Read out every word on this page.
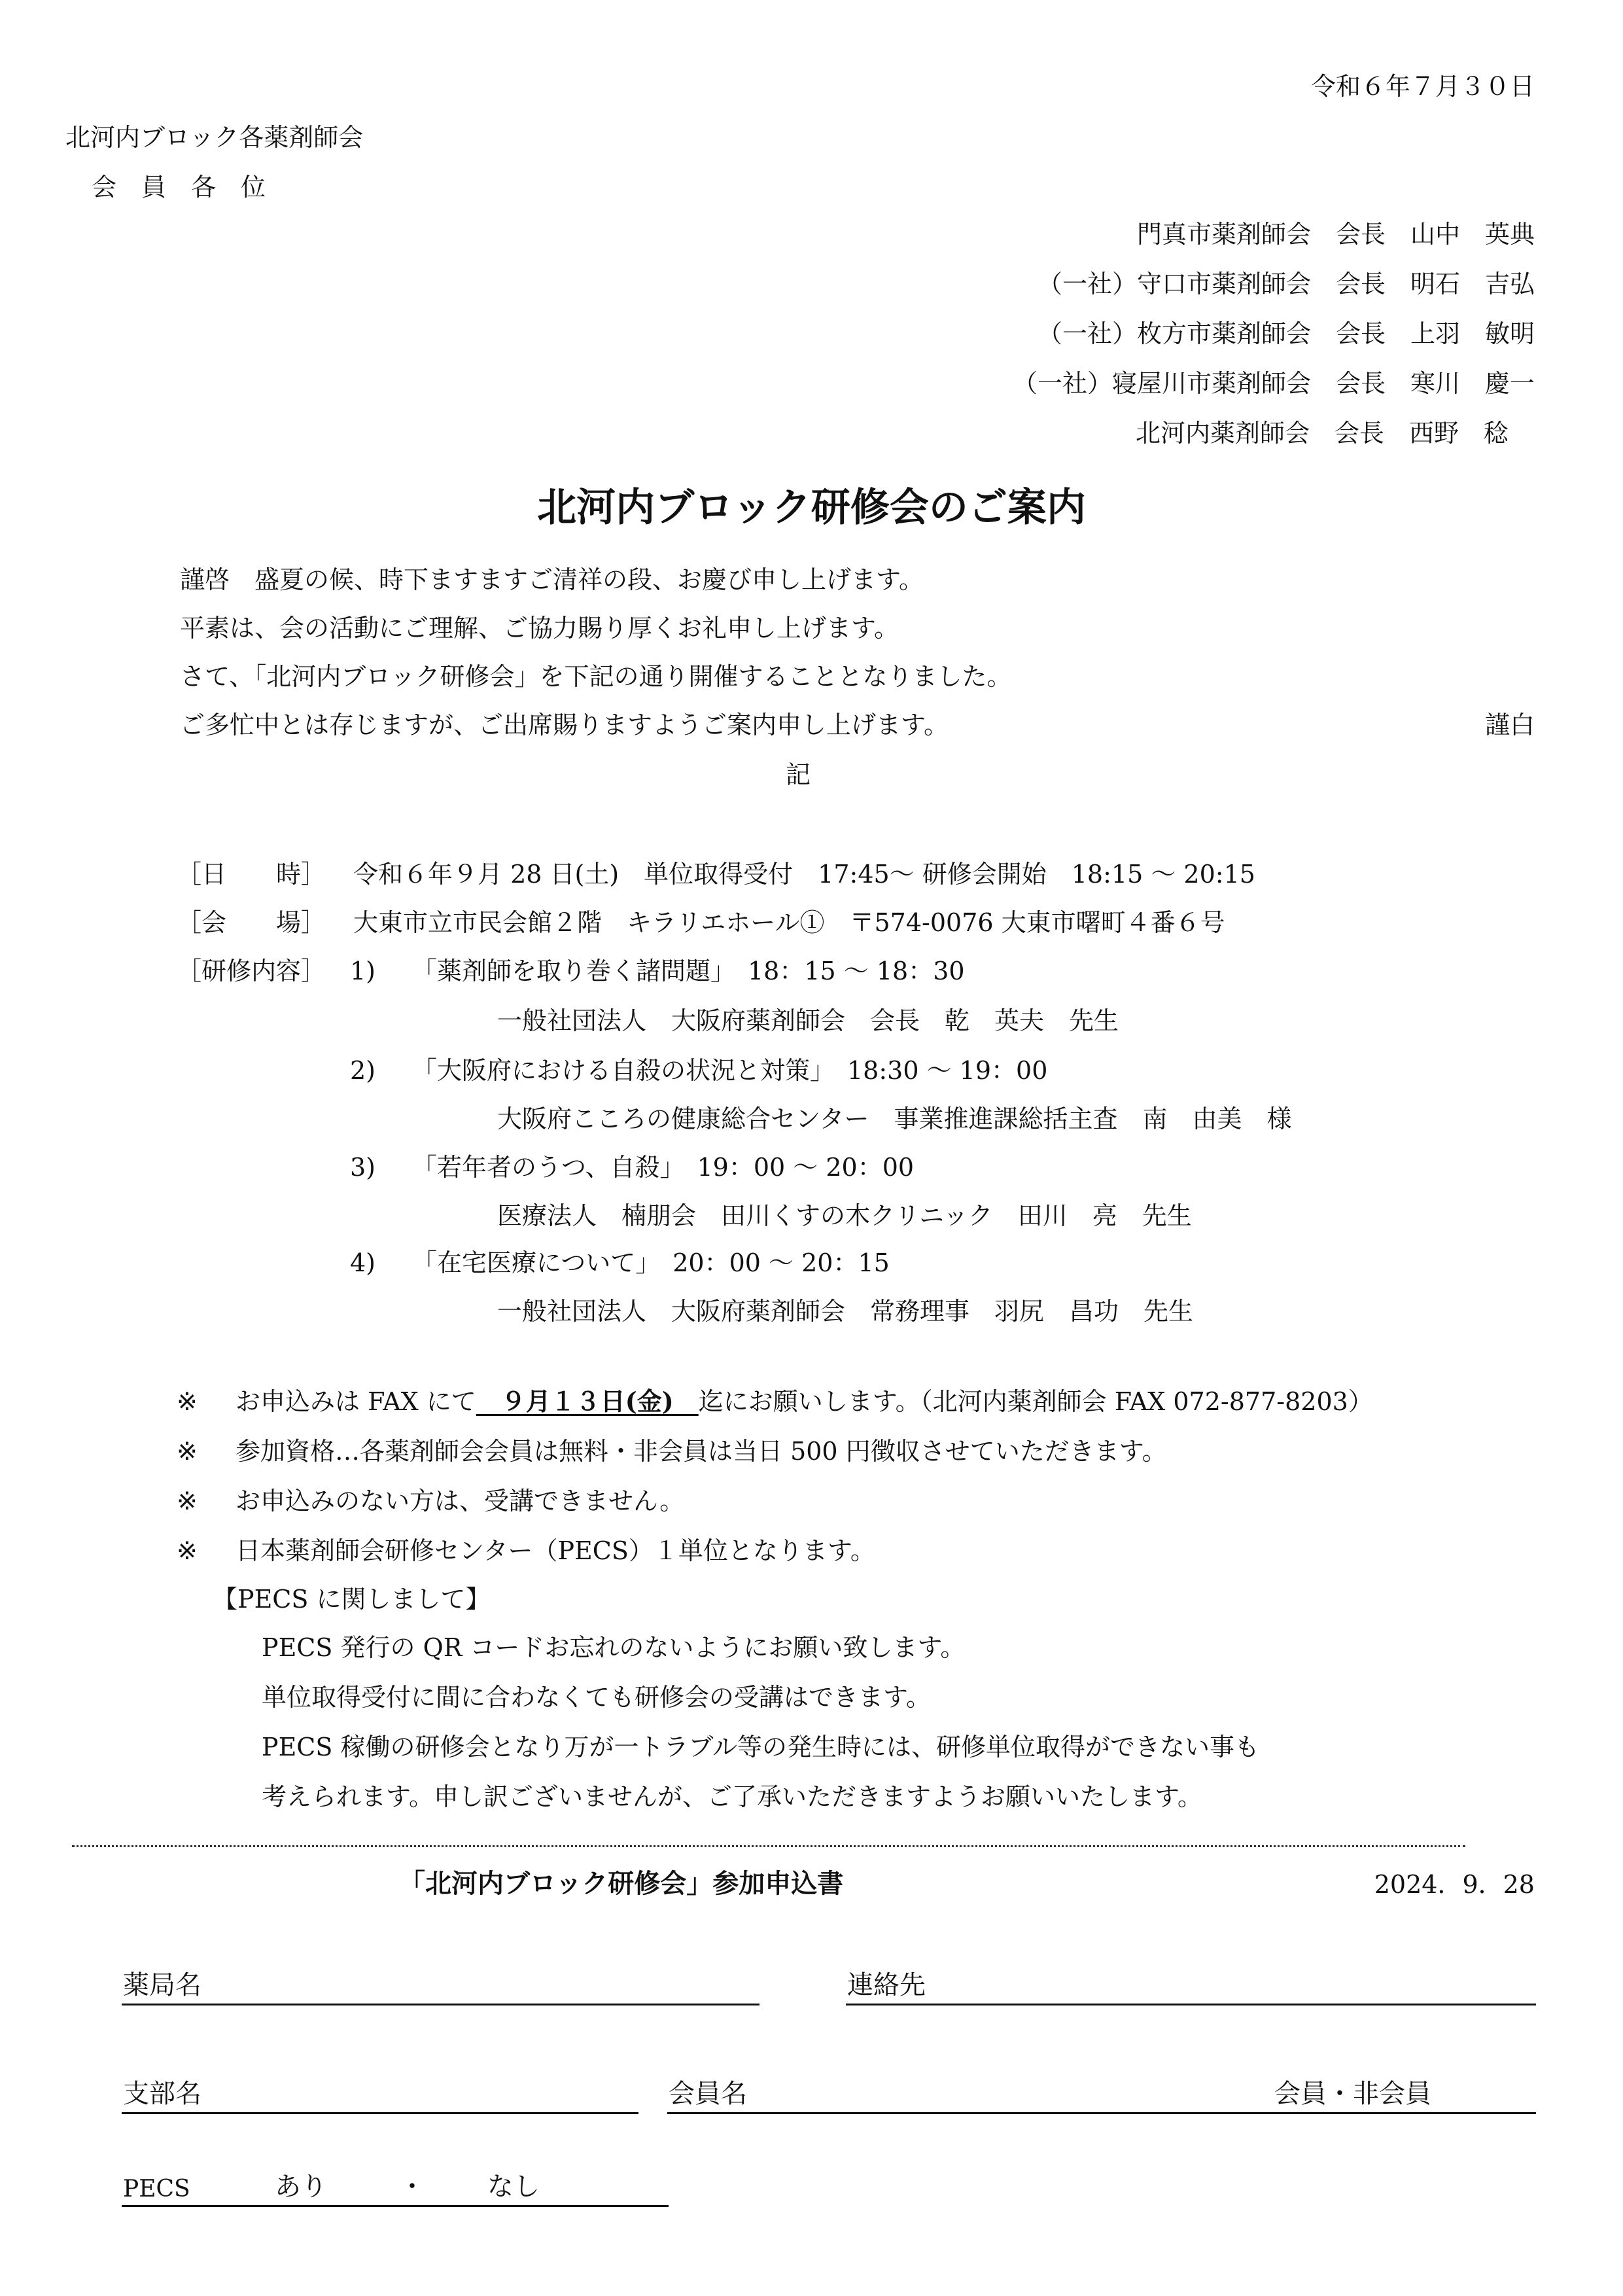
令和６年７月３０日
北河内ブロック各薬剤師会
会　員　各　位
門真市薬剤師会　会長　山中　英典
（一社）守口市薬剤師会　会長　明石　吉弘
（一社）枚方市薬剤師会　会長　上羽　敏明
（一社）寝屋川市薬剤師会　会長　寒川　慶一
北河内薬剤師会　会長　西野　稔
北河内ブロック研修会のご案内
謹啓　盛夏の候、時下ますますご清祥の段、お慶び申し上げます。
平素は、会の活動にご理解、ご協力賜り厚くお礼申し上げます。
さて、「北河内ブロック研修会」を下記の通り開催することとなりました。
ご多忙中とは存じますが、ご出席賜りますようご案内申し上げます。	謹白
記
［日　　時］ 令和６年９月 28 日(土)　単位取得受付　17:45～ 研修会開始　18:15 ～ 20:15
［会　　場］ 大東市立市民会館２階　キラリエホール①　〒574-0076 大東市曙町４番６号
［研修内容］ 1) 「薬剤師を取り巻く諸問題」　18：15 ～ 18：30
一般社団法人　大阪府薬剤師会　会長　乾　英夫　先生
2) 「大阪府における自殺の状況と対策」　18:30 ～ 19：00
大阪府こころの健康総合センター　事業推進課総括主査　南　由美　様
3) 「若年者のうつ、自殺」　19：00 ～ 20：00
医療法人　楠朋会　田川くすの木クリニック　田川　亮　先生
4) 「在宅医療について」　20：00 ～ 20：15
一般社団法人　大阪府薬剤師会　常務理事　羽尻　昌功　先生
※ お申込みは FAX にて　９月１３日(金)　迄にお願いします。（北河内薬剤師会 FAX 072-877-8203）
※ 参加資格…各薬剤師会会員は無料・非会員は当日 500 円徴収させていただきます。
※ お申込みのない方は、受講できません。
※ 日本薬剤師会研修センター（PECS）１単位となります。
【PECS に関しまして】
PECS 発行の QR コードお忘れのないようにお願い致します。
単位取得受付に間に合わなくても研修会の受講はできます。
PECS 稼働の研修会となり万が一トラブル等の発生時には、研修単位取得ができない事も
考えられます。申し訳ございませんが、ご了承いただきますようお願いいたします。
「北河内ブロック研修会」参加申込書	2024．9．28
薬局名	連絡先
支部名	会員名	会員・非会員
PECS	あり	・ なし
